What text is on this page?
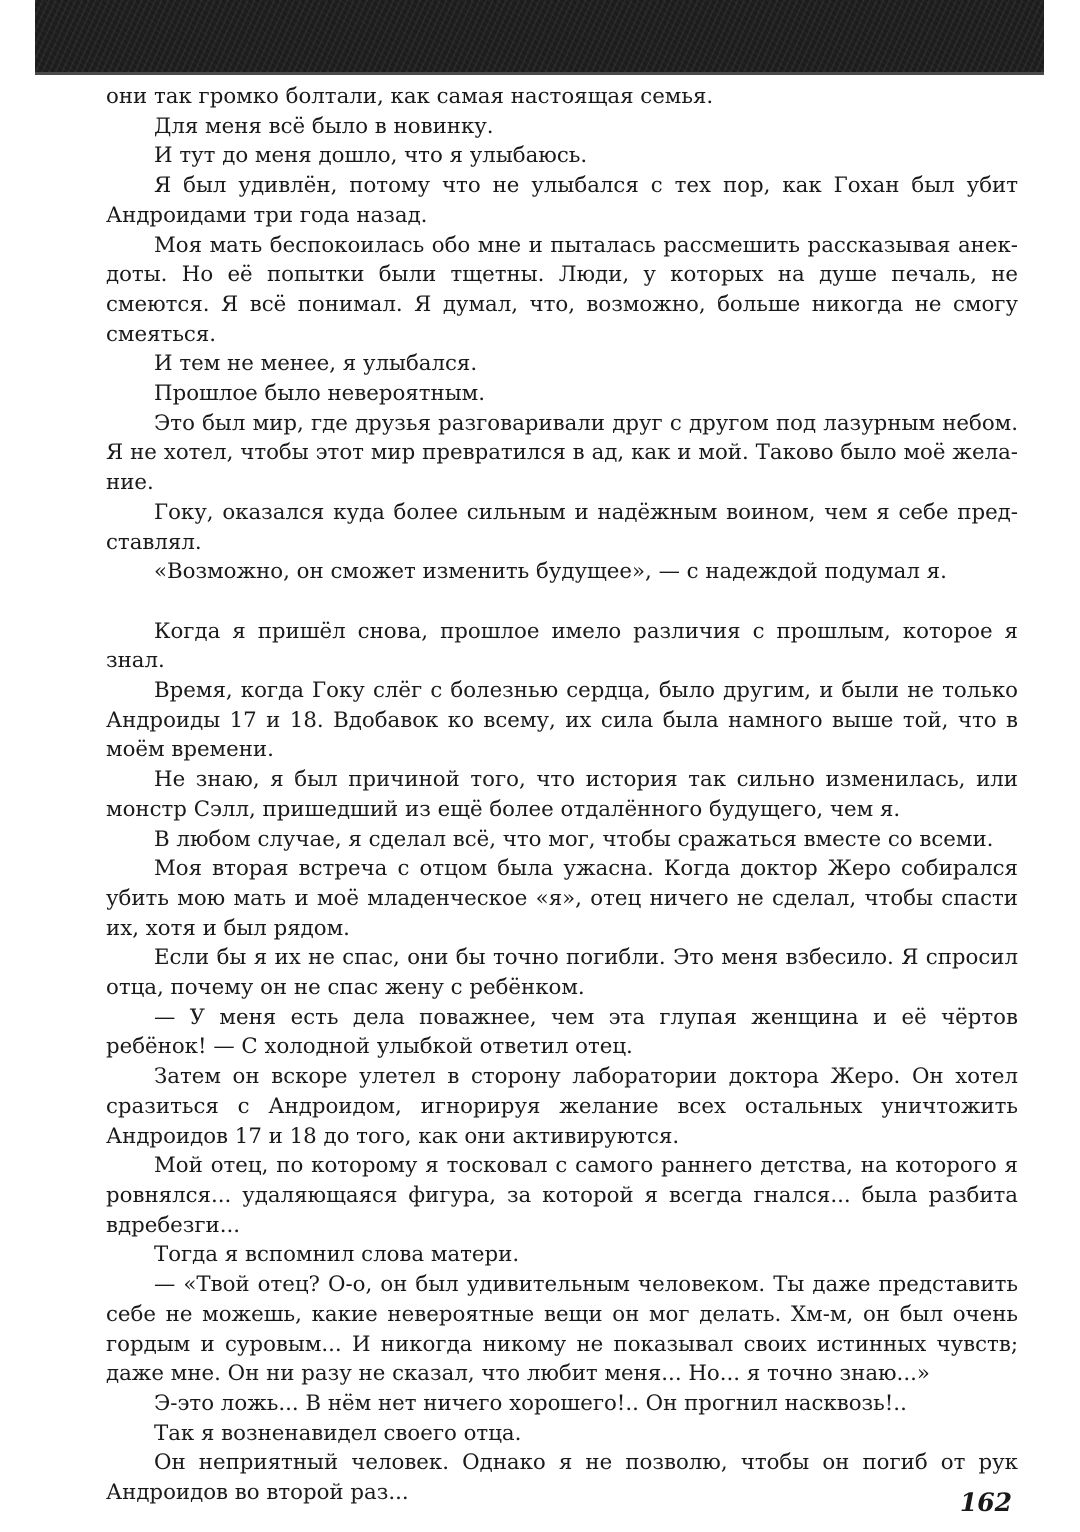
они так громко болтали, как самая настоящая семья.

Для меня всё было в новинку.

И тут до меня дошло, что я улыбаюсь.

Я был удивлён, потому что не улыбался с тех пор, как Гохан был убит Андроидами три года назад.

Моя мать беспокоилась обо мне и пыталась рассмешить рассказывая анекдоты. Но её попытки были тщетны. Люди, у которых на душе печаль, не смеются. Я всё понимал. Я думал, что, возможно, больше никогда не смогу смеяться.

И тем не менее, я улыбался.

Прошлое было невероятным.

Это был мир, где друзья разговаривали друг с другом под лазурным небом. Я не хотел, чтобы этот мир превратился в ад, как и мой. Таково было моё желание.

Гоку, оказался куда более сильным и надёжным воином, чем я себе представлял.

«Возможно, он сможет изменить будущее», — с надеждой подумал я.

Когда я пришёл снова, прошлое имело различия с прошлым, которое я знал.

Время, когда Гоку слёг с болезнью сердца, было другим, и были не только Андроиды 17 и 18. Вдобавок ко всему, их сила была намного выше той, что в моём времени.

Не знаю, я был причиной того, что история так сильно изменилась, или монстр Сэлл, пришедший из ещё более отдалённого будущего, чем я.

В любом случае, я сделал всё, что мог, чтобы сражаться вместе со всеми.

Моя вторая встреча с отцом была ужасна. Когда доктор Жеро собирался убить мою мать и моё младенческое «я», отец ничего не сделал, чтобы спасти их, хотя и был рядом.

Если бы я их не спас, они бы точно погибли. Это меня взбесило. Я спросил отца, почему он не спас жену с ребёнком.

— У меня есть дела поважнее, чем эта глупая женщина и её чёртов ребёнок! — С холодной улыбкой ответил отец.

Затем он вскоре улетел в сторону лаборатории доктора Жеро. Он хотел сразиться с Андроидом, игнорируя желание всех остальных уничтожить Андроидов 17 и 18 до того, как они активируются.

Мой отец, по которому я тосковал с самого раннего детства, на которого я ровнялся... удаляющаяся фигура, за которой я всегда гнался... была разбита вдребезги...

Тогда я вспомнил слова матери.

— «Твой отец? О-о, он был удивительным человеком. Ты даже представить себе не можешь, какие невероятные вещи он мог делать. Хм-м, он был очень гордым и суровым... И никогда никому не показывал своих истинных чувств; даже мне. Он ни разу не сказал, что любит меня... Но... я точно знаю...»

Э-это ложь... В нём нет ничего хорошего!.. Он прогнил насквозь!..

Так я возненавидел своего отца.

Он неприятный человек. Однако я не позволю, чтобы он погиб от рук Андроидов во второй раз...	162
